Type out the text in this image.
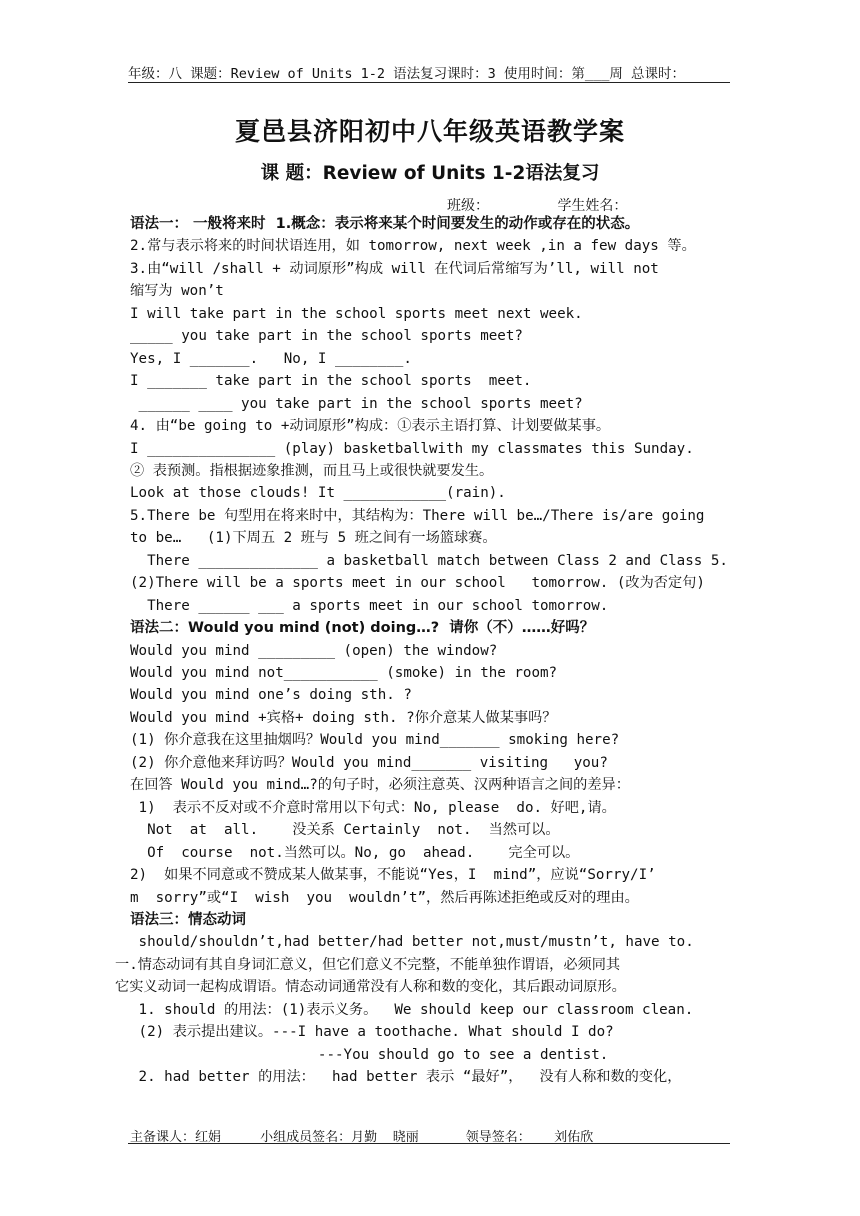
年级：八 课题：Review of Units 1-2 语法复习课时：3 使用时间：第___周 总课时：
夏邑县济阳初中八年级英语教学案
课 题：Review of Units 1-2语法复习
班级：	学生姓名：
语法一： 一般将来时  1.概念：表示将来某个时间要发生的动作或存在的状态。
2.常与表示将来的时间状语连用，如 tomorrow, next week ,in a few days 等。
3.由“will /shall + 动词原形”构成 will 在代词后常缩写为’ll, will not
缩写为 won’t
I will take part in the school sports meet next week.
_____ you take part in the school sports meet?
Yes, I _______.   No, I ________.
I _______ take part in the school sports  meet.
______ ____ you take part in the school sports meet?
4. 由“be going to +动词原形”构成：①表示主语打算、计划要做某事。
I _______________ (play) basketballwith my classmates this Sunday.
② 表预测。指根据迹象推测，而且马上或很快就要发生。
Look at those clouds! It ____________(rain).
5.There be 句型用在将来时中，其结构为：There will be…/There is/are going
to be…   (1)下周五 2 班与 5 班之间有一场篮球赛。
There ______________ a basketball match between Class 2 and Class 5.
(2)There will be a sports meet in our school   tomorrow. (改为否定句)
There ______ ___ a sports meet in our school tomorrow.
语法二：Would you mind (not) doing…?  请你（不）……好吗？
Would you mind _________ (open) the window?
Would you mind not___________ (smoke) in the room?
Would you mind one’s doing sth. ?
Would you mind +宾格+ doing sth. ?你介意某人做某事吗？
(1) 你介意我在这里抽烟吗？Would you mind_______ smoking here?
(2) 你介意他来拜访吗？Would you mind_______ visiting   you?
在回答 Would you mind…?的句子时，必须注意英、汉两种语言之间的差异：
1)  表示不反对或不介意时常用以下句式：No, please  do. 好吧,请。
Not  at  all.    没关系 Certainly  not.  当然可以。
Of  course  not.当然可以。No, go  ahead.    完全可以。
2)  如果不同意或不赞成某人做某事，不能说“Yes，I  mind”，应说“Sorry/I’
m  sorry”或“I  wish  you  wouldn’t”，然后再陈述拒绝或反对的理由。
语法三：情态动词
should/shouldn’t,had better/had better not,must/mustn’t, have to.
一.情态动词有其自身词汇意义，但它们意义不完整，不能单独作谓语，必须同其
它实义动词一起构成谓语。情态动词通常没有人称和数的变化，其后跟动词原形。
1. should 的用法：(1)表示义务。  We should keep our classroom clean.
(2) 表示提出建议。---I have a toothache. What should I do?
---You should go to see a dentist.
2. had better 的用法：  had better 表示 “最好”，  没有人称和数的变化，
主备课人：红娟     小组成员签名：月勤  晓丽      领导签名：   刘佑欣
